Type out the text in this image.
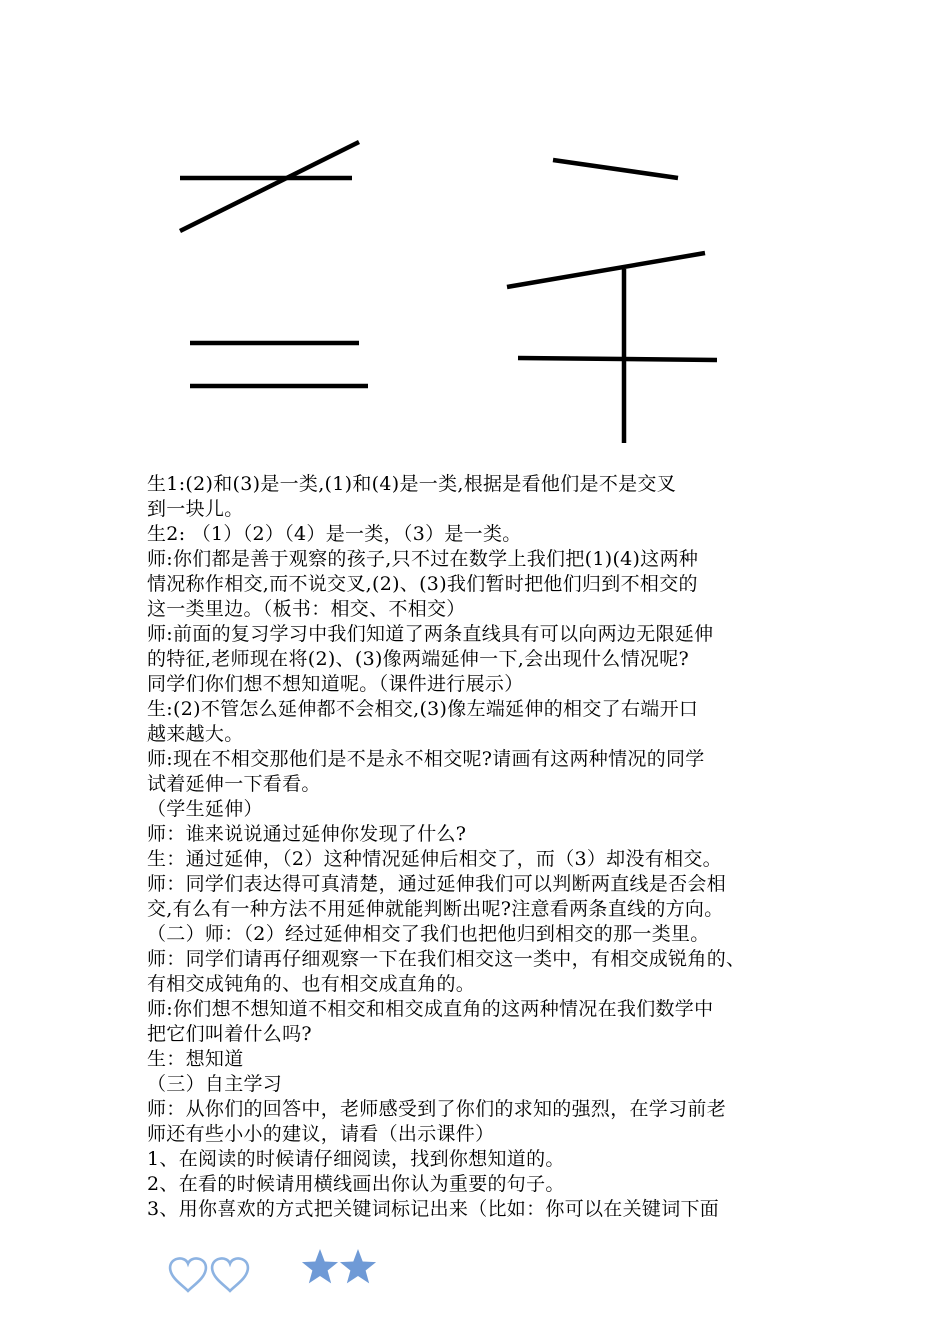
生1:(2)和(3)是一类,(1)和(4)是一类,根据是看他们是不是交叉
到一块儿。
生2: （1）（2）（4）是一类，（3）是一类。
师:你们都是善于观察的孩子,只不过在数学上我们把(1)(4)这两种
情况称作相交,而不说交叉,(2)、(3)我们暂时把他们归到不相交的
这一类里边。（板书：相交、不相交）
师:前面的复习学习中我们知道了两条直线具有可以向两边无限延伸
的特征,老师现在将(2)、(3)像两端延伸一下,会出现什么情况呢?
同学们你们想不想知道呢。（课件进行展示）
生:(2)不管怎么延伸都不会相交,(3)像左端延伸的相交了右端开口
越来越大。
师:现在不相交那他们是不是永不相交呢?请画有这两种情况的同学
试着延伸一下看看。
（学生延伸）
师：谁来说说通过延伸你发现了什么?
生：通过延伸，（2）这种情况延伸后相交了，而（3）却没有相交。
师：同学们表达得可真清楚，通过延伸我们可以判断两直线是否会相
交,有么有一种方法不用延伸就能判断出呢?注意看两条直线的方向。
（二）师：（2）经过延伸相交了我们也把他归到相交的那一类里。
师：同学们请再仔细观察一下在我们相交这一类中，有相交成锐角的、
有相交成钝角的、也有相交成直角的。
师:你们想不想知道不相交和相交成直角的这两种情况在我们数学中
把它们叫着什么吗?
生：想知道
（三）自主学习
师：从你们的回答中，老师感受到了你们的求知的强烈，在学习前老
师还有些小小的建议，请看（出示课件）
1、在阅读的时候请仔细阅读，找到你想知道的。
2、在看的时候请用横线画出你认为重要的句子。
3、用你喜欢的方式把关键词标记出来（比如：你可以在关键词下面
